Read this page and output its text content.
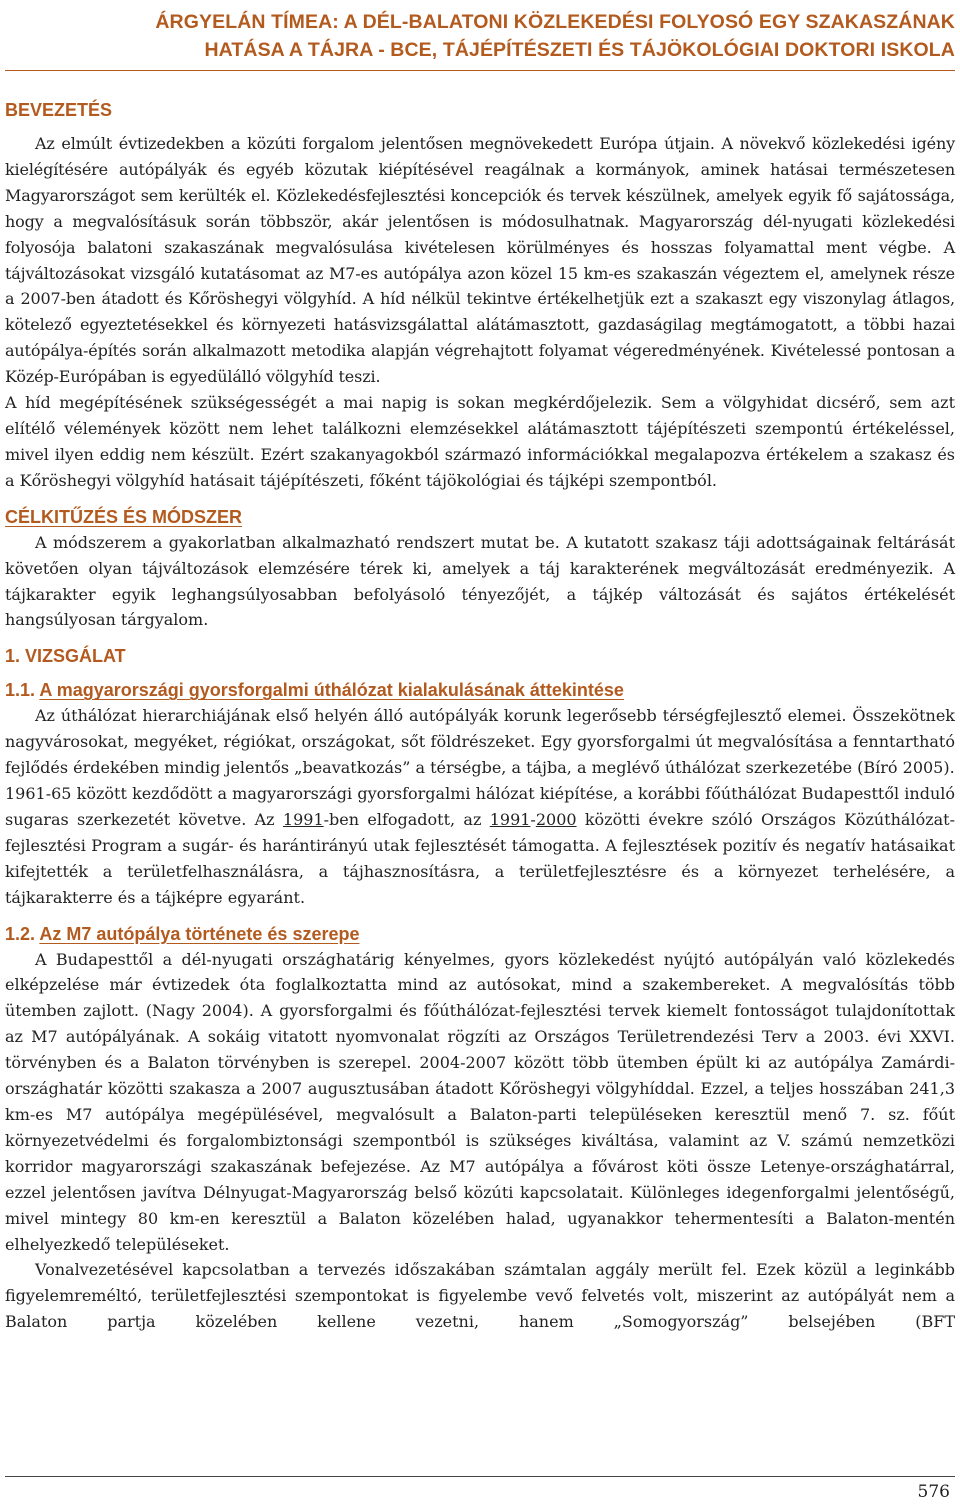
ÁRGYELÁN TÍMEA: A DÉL-BALATONI KÖZLEKEDÉSI FOLYOSÓ EGY SZAKASZÁNAK
HATÁSA A TÁJRA - BCE, TÁJÉPÍTÉSZETI ÉS TÁJÖKOLÓGIAI DOKTORI ISKOLA
BEVEZETÉS

Az elmúlt évtizedekben a közúti forgalom jelentősen megnövekedett Európa útjain. A növekvő közlekedési igény kielégítésére autópályák és egyéb közutak kiépítésével reagálnak a kormányok, aminek hatásai természetesen Magyarországot sem kerülték el. Közlekedésfejlesztési koncepciók és tervek készülnek, amelyek egyik fő sajátossága, hogy a megvalósításuk során többször, akár jelentősen is módosulhatnak. Magyarország dél-nyugati közlekedési folyosója balatoni szakaszának megvalósulása kivételesen körülményes és hosszas folyamattal ment végbe. A tájváltozásokat vizsgáló kutatásomat az M7-es autópálya azon közel 15 km-es szakaszán végeztem el, amelynek része a 2007-ben átadott és Kőröshegyi völgyhíd. A híd nélkül tekintve értékelhetjük ezt a szakaszt egy viszonylag átlagos, kötelező egyeztetésekkel és környezeti hatásvizsgálattal alátámasztott, gazdaságilag megtámogatott, a többi hazai autópálya-építés során alkalmazott metodika alapján végrehajtott folyamat végeredményének. Kivételessé pontosan a Közép-Európában is egyedülálló völgyhíd teszi.

A híd megépítésének szükségességét a mai napig is sokan megkérdőjelezik. Sem a völgyhidat dicsérő, sem azt elítélő vélemények között nem lehet találkozni elemzésekkel alátámasztott tájépítészeti szempontú értékeléssel, mivel ilyen eddig nem készült. Ezért szakanyagokból származó információkkal megalapozva értékelem a szakasz és a Kőröshegyi völgyhíd hatásait tájépítészeti, főként tájökológiai és tájképi szempontból.

CÉLKITŰZÉS ÉS MÓDSZER

A módszerem a gyakorlatban alkalmazható rendszert mutat be. A kutatott szakasz táji adottságainak feltárását követően olyan tájváltozások elemzésére térek ki, amelyek a táj karakterének megváltozását eredményezik. A tájkarakter egyik leghangsúlyosabban befolyásoló tényezőjét, a tájkép változását és sajátos értékelését hangsúlyosan tárgyalom.

1. VIZSGÁLAT
1.1. A magyarországi gyorsforgalmi úthálózat kialakulásának áttekintése

Az úthálózat hierarchiájának első helyén álló autópályák korunk legerősebb térségfejlesztő elemei. Összekötnek nagyvárosokat, megyéket, régiókat, országokat, sőt földrészeket. Egy gyorsforgalmi út megvalósítása a fenntartható fejlődés érdekében mindig jelentős „beavatkozás” a térségbe, a tájba, a meglévő úthálózat szerkezetébe (Bíró 2005).

1961-65 között kezdődött a magyarországi gyorsforgalmi hálózat kiépítése, a korábbi főúthálózat Budapesttől induló sugaras szerkezetét követve. Az 1991-ben elfogadott, az 1991-2000 közötti évekre szóló Országos Közúthálózat-fejlesztési Program a sugár- és harántirányú utak fejlesztését támogatta. A fejlesztések pozitív és negatív hatásaikat kifejtették a területfelhasználásra, a tájhasznosításra, a területfejlesztésre és a környezet terhelésére, a tájkarakterre és a tájképre egyaránt.

1.2. Az M7 autópálya története és szerepe

A Budapesttől a dél-nyugati országhatárig kényelmes, gyors közlekedést nyújtó autópályán való közlekedés elképzelése már évtizedek óta foglalkoztatta mind az autósokat, mind a szakembereket. A megvalósítás több ütemben zajlott. (Nagy 2004). A gyorsforgalmi és főúthálózat-fejlesztési tervek kiemelt fontosságot tulajdonítottak az M7 autópályának. A sokáig vitatott nyomvonalat rögzíti az Országos Területrendezési Terv a 2003. évi XXVI. törvényben és a Balaton törvényben is szerepel. 2004-2007 között több ütemben épült ki az autópálya Zamárdi-országhatár közötti szakasza a 2007 augusztusában átadott Kőröshegyi völgyhíddal. Ezzel, a teljes hosszában 241,3 km-es M7 autópálya megépülésével, megvalósult a Balaton-parti településeken keresztül menő 7. sz. főút környezetvédelmi és forgalombiztonsági szempontból is szükséges kiváltása, valamint az V. számú nemzetközi korridor magyarországi szakaszának befejezése. Az M7 autópálya a fővárost köti össze Letenye-országhatárral, ezzel jelentősen javítva Délnyugat-Magyarország belső közúti kapcsolatait. Különleges idegenforgalmi jelentőségű, mivel mintegy 80 km-en keresztül a Balaton közelében halad, ugyanakkor tehermentesíti a Balaton-mentén elhelyezkedő településeket.

Vonalvezetésével kapcsolatban a tervezés időszakában számtalan aggály merült fel. Ezek közül a leginkább figyelemreméltó, területfejlesztési szempontokat is figyelembe vevő felvetés volt, miszerint az autópályát nem a Balaton partja közelében kellene vezetni, hanem „Somogyország” belsejében (BFT

576
